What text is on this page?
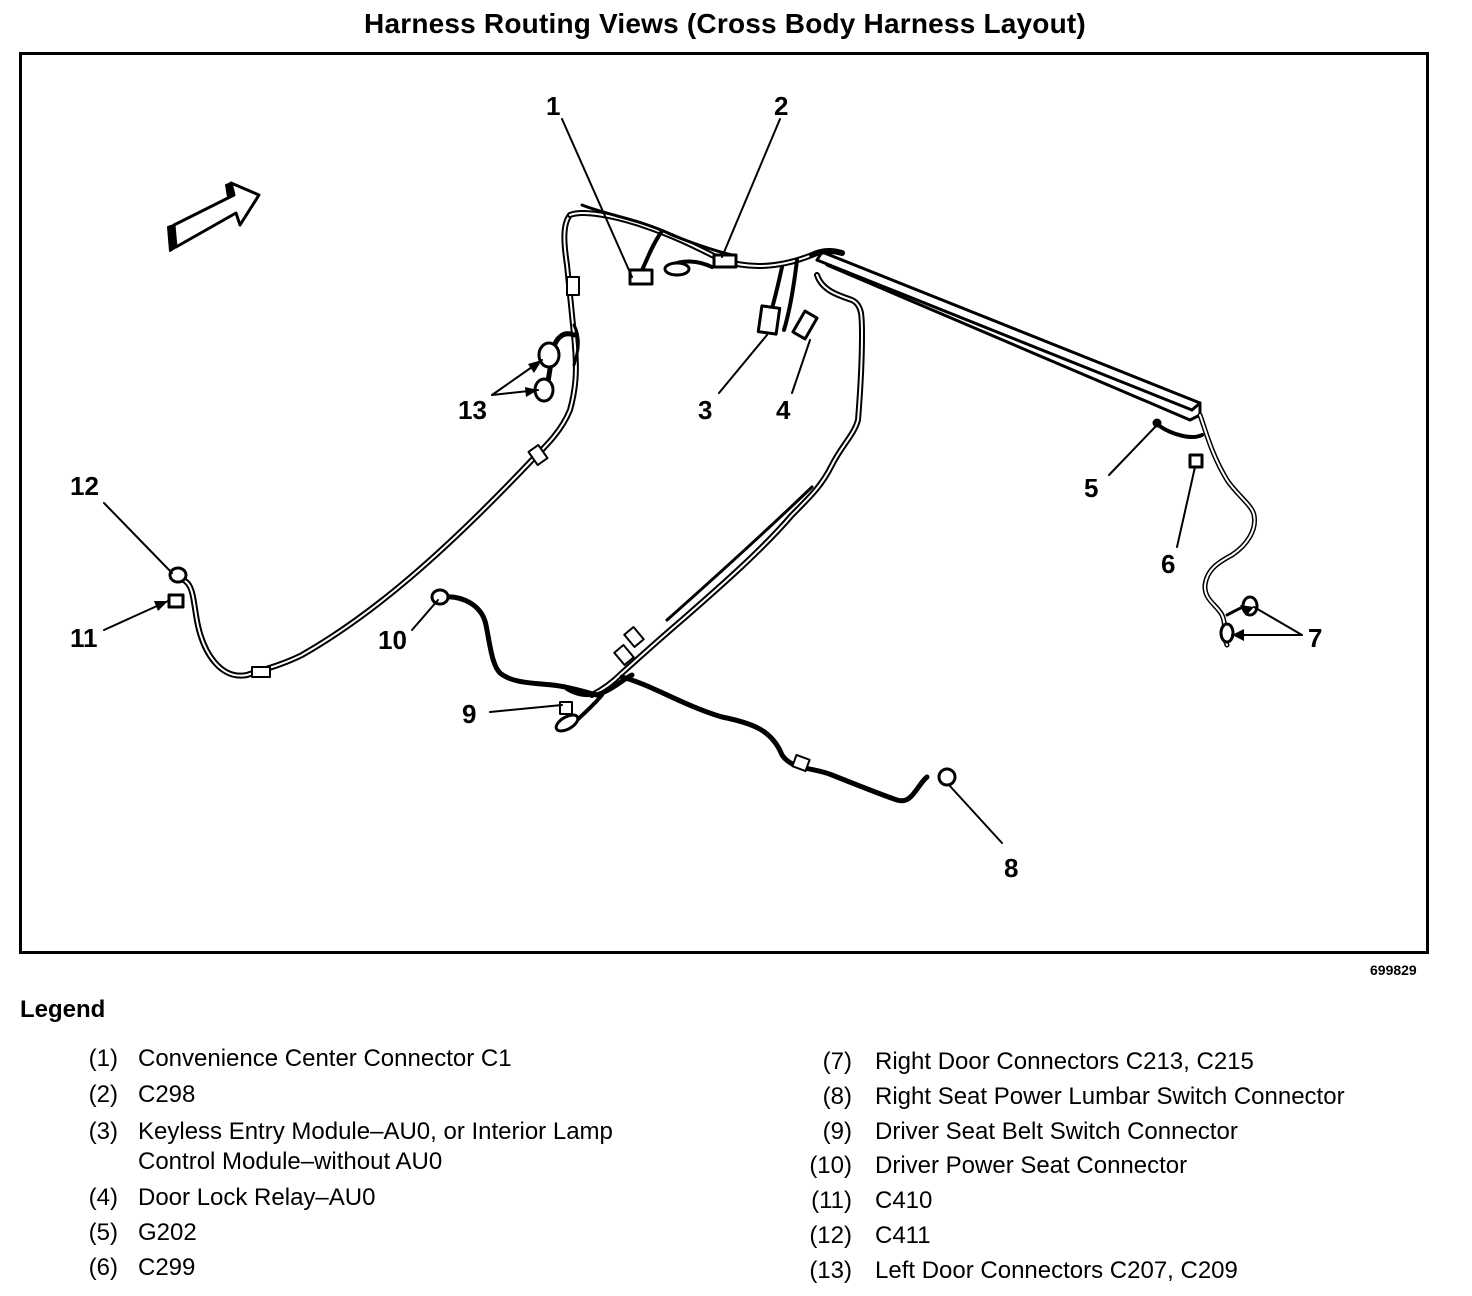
Harness Routing Views (Cross Body Harness Layout)
1	2
3 4
5
6
7
8
9
10
11
12
13
699829
Legend
(1) Convenience Center Connector C1
(2) C298
(3) Keyless Entry Module–AU0, or Interior Lamp
Control Module–without AU0
(4) Door Lock Relay–AU0
(5) G202
(6) C299
(7) Right Door Connectors C213, C215
(8) Right Seat Power Lumbar Switch Connector
(9) Driver Seat Belt Switch Connector
(10) Driver Power Seat Connector
(11) C410
(12) C411
(13) Left Door Connectors C207, C209
